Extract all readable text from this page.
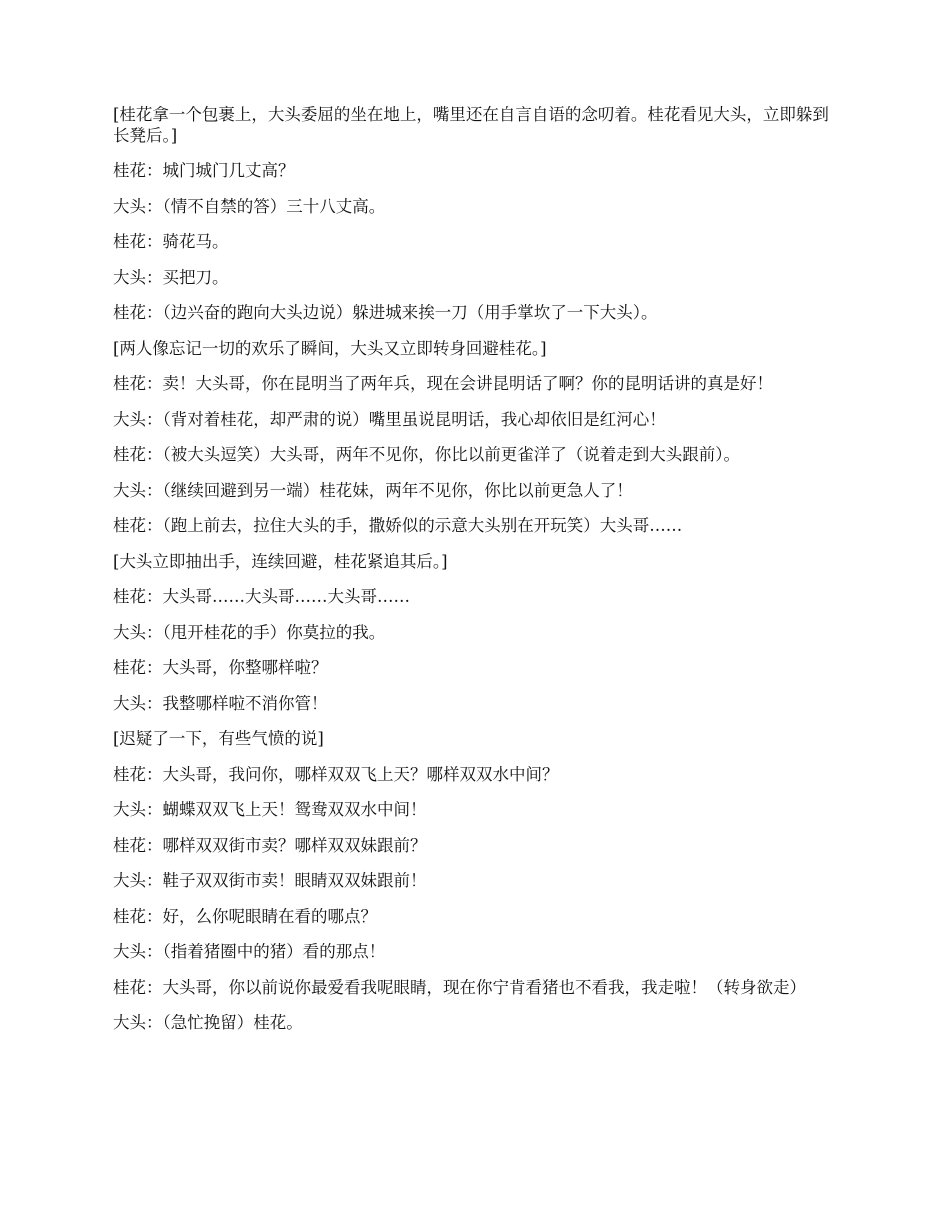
[桂花拿一个包裹上，大头委屈的坐在地上，嘴里还在自言自语的念叨着。桂花看见大头，立即躲到长凳后。]

桂花：城门城门几丈高？

大头：（情不自禁的答）三十八丈高。

桂花：骑花马。

大头：买把刀。

桂花：（边兴奋的跑向大头边说）躲进城来挨一刀（用手掌坎了一下大头）。

[两人像忘记一切的欢乐了瞬间，大头又立即转身回避桂花。]

桂花：卖！大头哥，你在昆明当了两年兵，现在会讲昆明话了啊？你的昆明话讲的真是好！

大头：（背对着桂花，却严肃的说）嘴里虽说昆明话，我心却依旧是红河心！

桂花：（被大头逗笑）大头哥，两年不见你，你比以前更雀洋了（说着走到大头跟前）。

大头：（继续回避到另一端）桂花妹，两年不见你，你比以前更急人了！

桂花：（跑上前去，拉住大头的手，撒娇似的示意大头别在开玩笑）大头哥……

[大头立即抽出手，连续回避，桂花紧追其后。]

桂花：大头哥……大头哥……大头哥……

大头：（甩开桂花的手）你莫拉的我。

桂花：大头哥，你整哪样啦？

大头：我整哪样啦不消你管！

[迟疑了一下，有些气愤的说]

桂花：大头哥，我问你，哪样双双飞上天？哪样双双水中间？

大头：蝴蝶双双飞上天！鸳鸯双双水中间！

桂花：哪样双双街市卖？哪样双双妹跟前？

大头：鞋子双双街市卖！眼睛双双妹跟前！

桂花：好，么你呢眼睛在看的哪点？

大头：（指着猪圈中的猪）看的那点！

桂花：大头哥，你以前说你最爱看我呢眼睛，现在你宁肯看猪也不看我，我走啦！（转身欲走）

大头：（急忙挽留）桂花。
